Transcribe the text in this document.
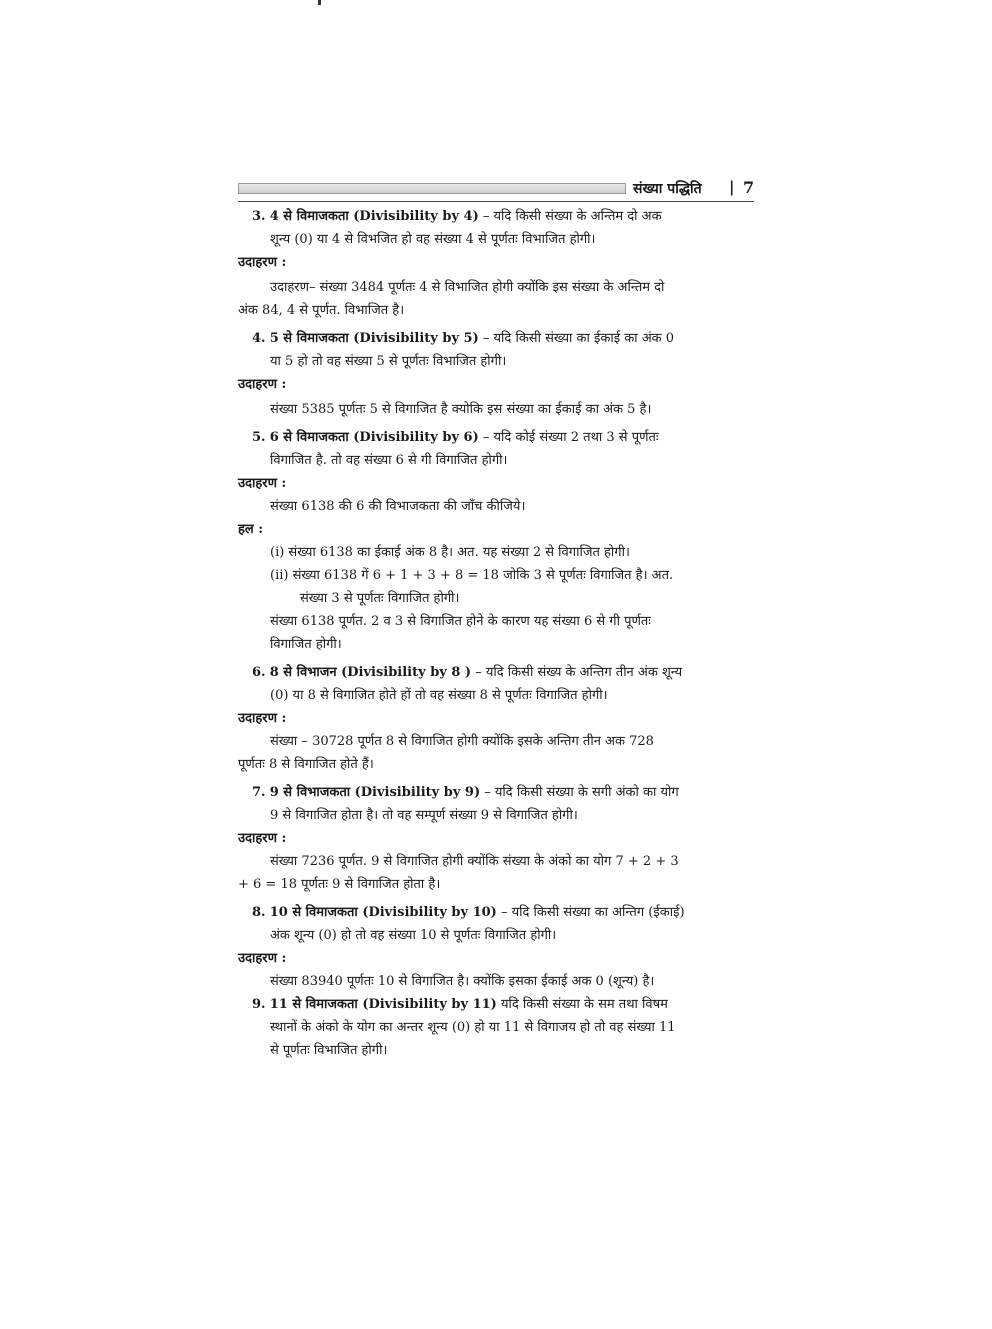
संख्या पद्धिति | 7
3. 4 से विमाजकता (Divisibility by 4) – यदि किसी संख्या के अन्तिम दो अक
शून्य (0) या 4 से विभजित हो वह संख्या 4 से पूर्णतः विभाजित होगी।
उदाहरण :
उदाहरण– संख्या 3484 पूर्णतः 4 से विभाजित होगी क्योंकि इस संख्या के अन्तिम दो
अंक 84, 4 से पूर्णत. विभाजित है।
4. 5 से विमाजकता (Divisibility by 5) – यदि किसी संख्या का ईकाई का अंक 0
या 5 हो तो वह संख्या 5 से पूर्णतः विभाजित होगी।
उदाहरण :
संख्या 5385 पूर्णतः 5 से विगाजित है क्योकि इस संख्या का ईकाई का अंक 5 है।
5. 6 से विमाजकता (Divisibility by 6) – यदि कोई संख्या 2 तथा 3 से पूर्णतः
विगाजित है. तो वह संख्या 6 से गी विगाजित होगी।
उदाहरण :
संख्या 6138 की 6 की विभाजकता की जाँच कीजिये।
हल :
(i) संख्या 6138 का ईकाई अंक 8 है। अत. यह संख्या 2 से विगाजित होगी।
(ii) संख्या 6138 गें 6 + 1 + 3 + 8 = 18 जोकि 3 से पूर्णतः विगाजित है। अत.
संख्या 3 से पूर्णतः विगाजित होगी।
संख्या 6138 पूर्णत. 2 व 3 से विगाजित होने के कारण यह संख्या 6 से गी पूर्णतः
विगाजित होगी।
6. 8 से विभाजन (Divisibility by 8 ) – यदि किसी संख्य के अन्तिग तीन अंक शून्य
(0) या 8 से विगाजित होते हों तो वह संख्या 8 से पूर्णतः विगाजित होगी।
उदाहरण :
संख्या – 30728 पूर्णत 8 से विगाजित होगी क्योंकि इसके अन्तिग तीन अक 728
पूर्णतः 8 से विगाजित होते हैं।
7. 9 से विभाजकता (Divisibility by 9) – यदि किसी संख्या के सगी अंको का योग
9 से विगाजित होता है। तो वह सम्पूर्ण संख्या 9 से विगाजित होगी।
उदाहरण :
संख्या 7236 पूर्णत. 9 से विगाजित होगी क्योंकि संख्या के अंको का योग 7 + 2 + 3
+ 6 = 18 पूर्णतः 9 से विगाजित होता है।
8. 10 से विमाजकता (Divisibility by 10) – यदि किसी संख्या का अन्तिग (ईकाई)
अंक शून्य (0) हो तो वह संख्या 10 से पूर्णतः विगाजित होगी।
उदाहरण :
संख्या 83940 पूर्णतः 10 से विगाजित है। क्योंकि इसका ईकाई अक 0 (शून्य) है।
9. 11 से विमाजकता (Divisibility by 11) यदि किसी संख्या के सम तथा विषम
स्थानों के अंको के योग का अन्तर शून्य (0) हो या 11 से विगाजय हो तो वह संख्या 11
से पूर्णतः विभाजित होगी।
